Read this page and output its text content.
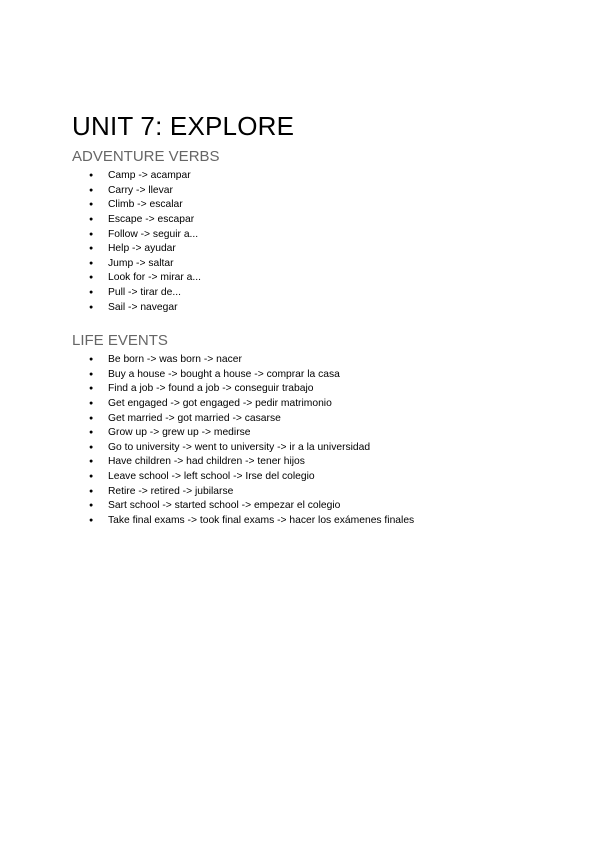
UNIT 7: EXPLORE
ADVENTURE VERBS
● Camp -> acampar
● Carry -> llevar
● Climb -> escalar
● Escape -> escapar
● Follow -> seguir a...
● Help -> ayudar
● Jump -> saltar
● Look for -> mirar a...
● Pull -> tirar de...
● Sail -> navegar
LIFE EVENTS
● Be born -> was born -> nacer
● Buy a house -> bought a house -> comprar la casa
● Find a job -> found a job -> conseguir trabajo
● Get engaged -> got engaged -> pedir matrimonio
● Get married -> got married -> casarse
● Grow up -> grew up -> medirse
● Go to university -> went to university -> ir a la universidad
● Have children -> had children -> tener hijos
● Leave school -> left school -> Irse del colegio
● Retire -> retired -> jubilarse
● Sart school -> started school -> empezar el colegio
● Take final exams -> took final exams -> hacer los exámenes finales
